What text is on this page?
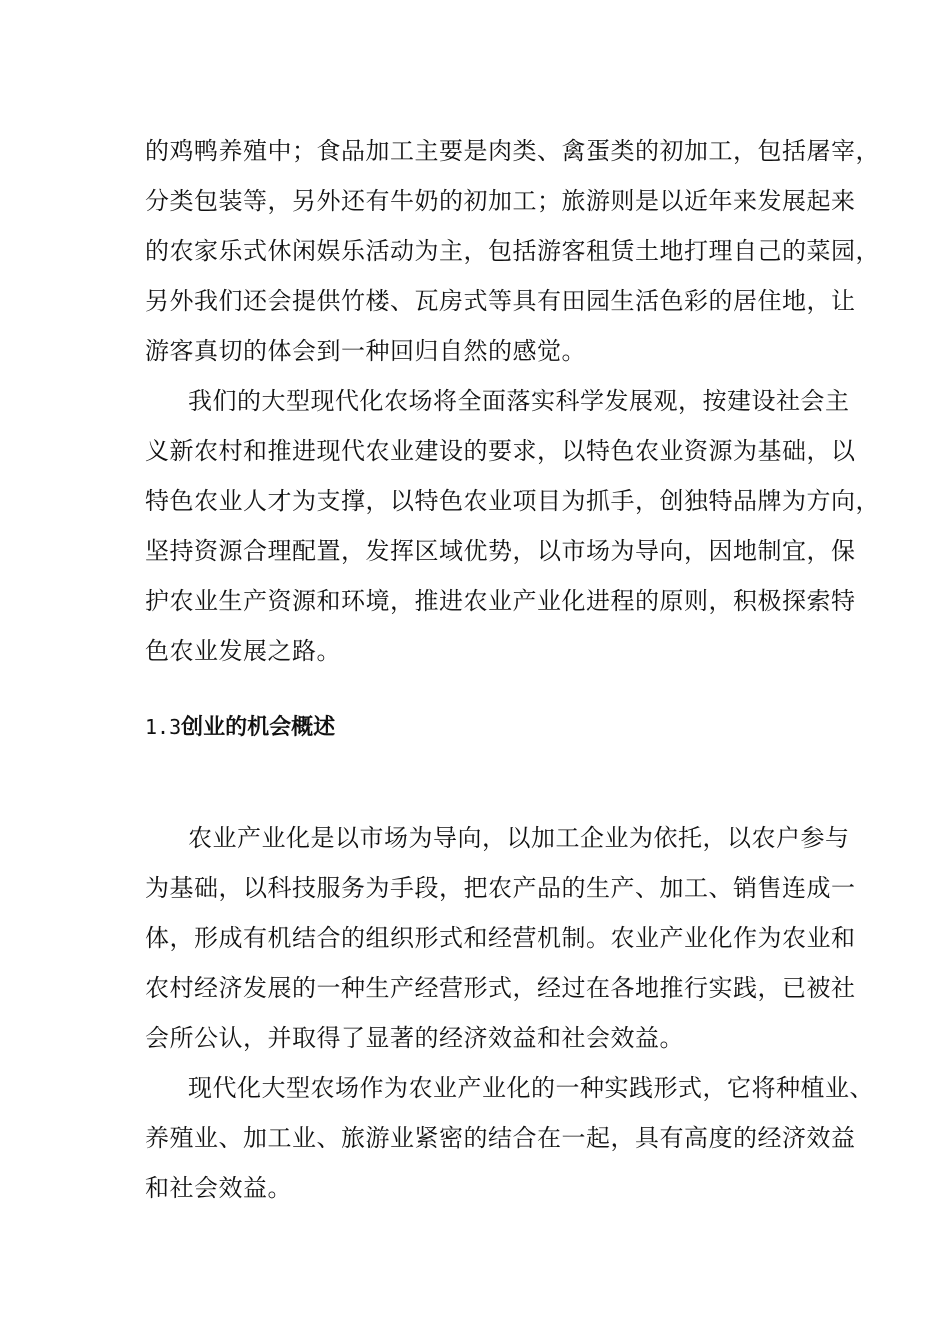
的鸡鸭养殖中；食品加工主要是肉类、禽蛋类的初加工，包括屠宰，
分类包装等，另外还有牛奶的初加工；旅游则是以近年来发展起来
的农家乐式休闲娱乐活动为主，包括游客租赁土地打理自己的菜园，
另外我们还会提供竹楼、瓦房式等具有田园生活色彩的居住地，让
游客真切的体会到一种回归自然的感觉。
我们的大型现代化农场将全面落实科学发展观，按建设社会主
义新农村和推进现代农业建设的要求，以特色农业资源为基础，以
特色农业人才为支撑，以特色农业项目为抓手，创独特品牌为方向，
坚持资源合理配置，发挥区域优势，以市场为导向，因地制宜，保
护农业生产资源和环境，推进农业产业化进程的原则，积极探索特
色农业发展之路。
1.3创业的机会概述
农业产业化是以市场为导向，以加工企业为依托，以农户参与
为基础，以科技服务为手段，把农产品的生产、加工、销售连成一
体，形成有机结合的组织形式和经营机制。农业产业化作为农业和
农村经济发展的一种生产经营形式，经过在各地推行实践，已被社
会所公认，并取得了显著的经济效益和社会效益。
现代化大型农场作为农业产业化的一种实践形式，它将种植业、
养殖业、加工业、旅游业紧密的结合在一起，具有高度的经济效益
和社会效益。
